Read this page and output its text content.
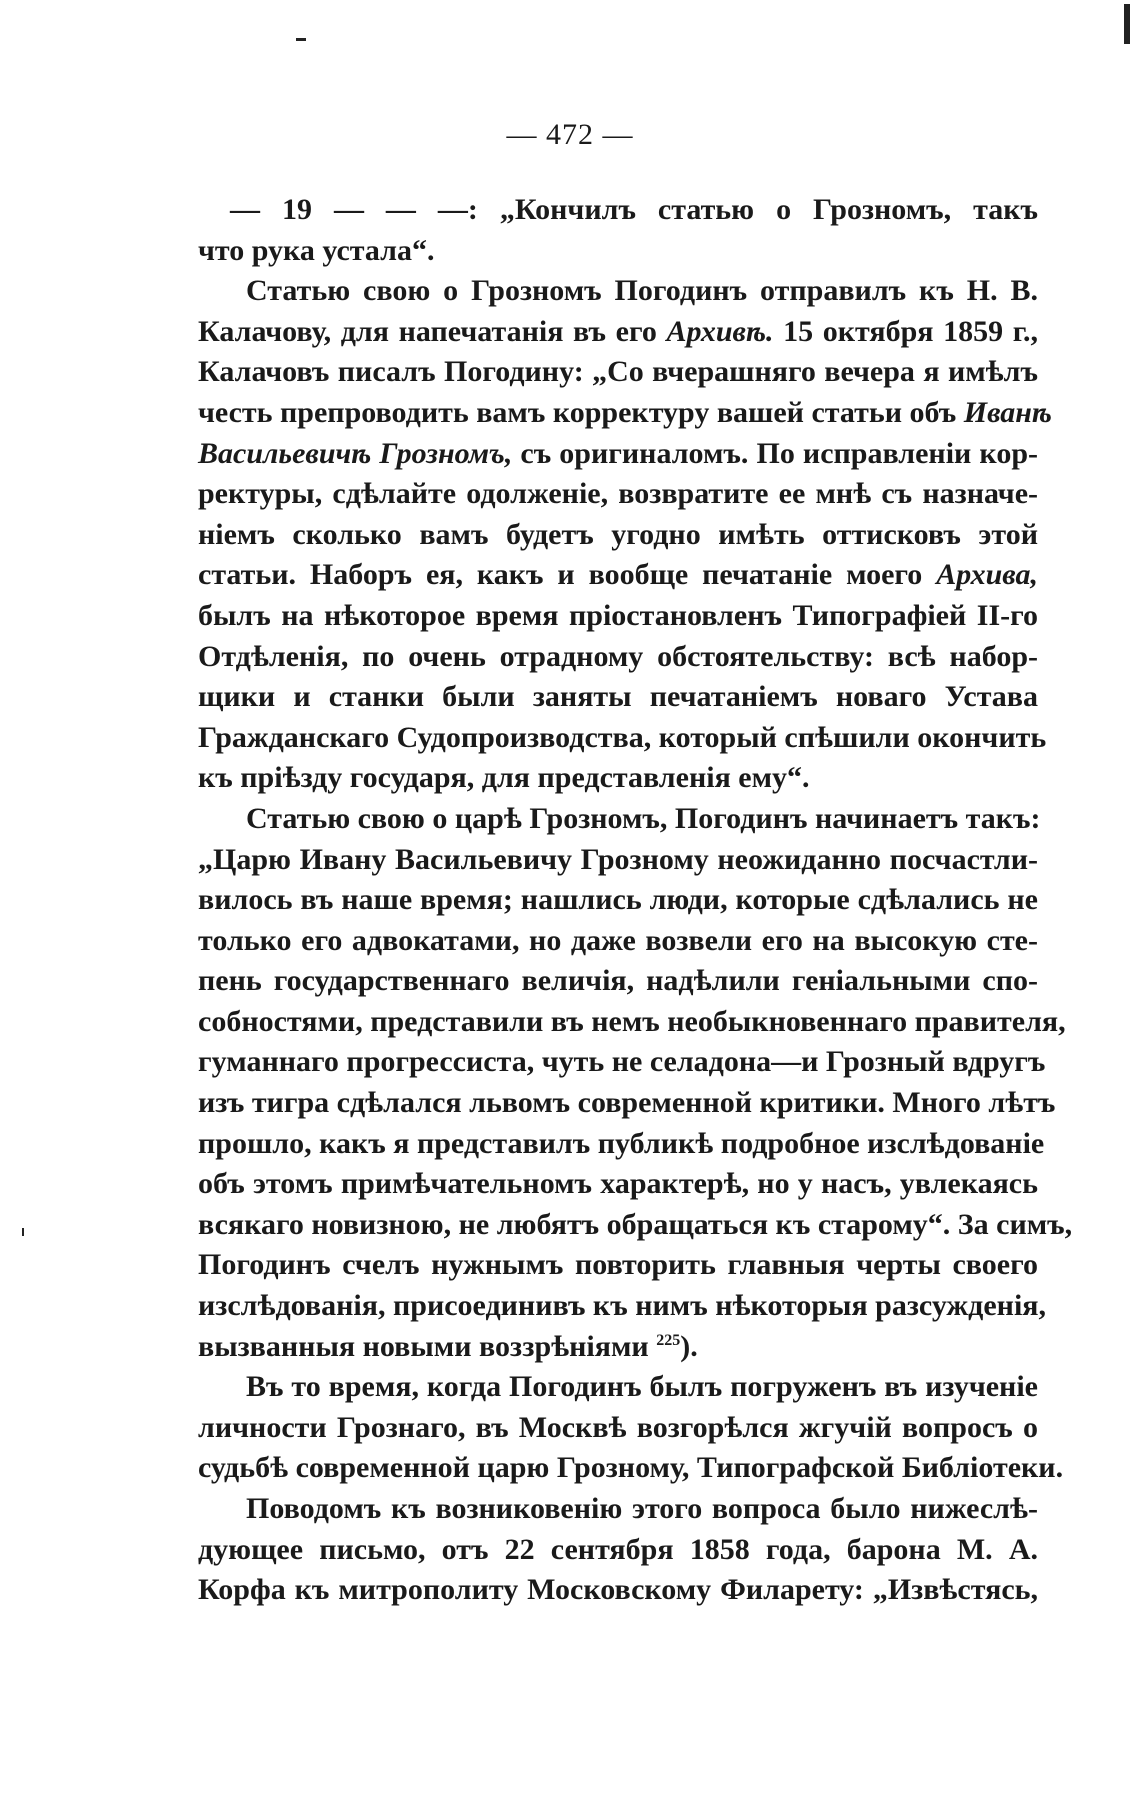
— 472 —
— 19 — — —: „Кончилъ статью о Грозномъ, такъ
что рука устала“.
Статью свою о Грозномъ Погодинъ отправилъ къ Н. В.
Калачову, для напечатанія въ его Архивѣ. 15 октября 1859 г.,
Калачовъ писалъ Погодину: „Со вчерашняго вечера я имѣлъ
честь препроводить вамъ корректуру вашей статьи объ Иванѣ
Васильевичѣ Грозномъ, съ оригиналомъ. По исправленіи кор-
ректуры, сдѣлайте одолженіе, возвратите ее мнѣ съ назначе-
ніемъ сколько вамъ будетъ угодно имѣть оттисковъ этой
статьи. Наборъ ея, какъ и вообще печатаніе моего Архива,
былъ на нѣкоторое время пріостановленъ Типографіей II-го
Отдѣленія, по очень отрадному обстоятельству: всѣ набор-
щики и станки были заняты печатаніемъ новаго Устава
Гражданскаго Судопроизводства, который спѣшили окончить
къ пріѣзду государя, для представленія ему“.
Статью свою о царѣ Грозномъ, Погодинъ начинаетъ такъ:
„Царю Ивану Васильевичу Грозному неожиданно посчастли-
вилось въ наше время; нашлись люди, которые сдѣлались не
только его адвокатами, но даже возвели его на высокую сте-
пень государственнаго величія, надѣлили геніальными спо-
собностями, представили въ немъ необыкновеннаго правителя,
гуманнаго прогрессиста, чуть не селадона—и Грозный вдругъ
изъ тигра сдѣлался львомъ современной критики. Много лѣтъ
прошло, какъ я представилъ публикѣ подробное изслѣдованіе
объ этомъ примѣчательномъ характерѣ, но у насъ, увлекаясь
всякаго новизною, не любятъ обращаться къ старому“. За симъ,
Погодинъ счелъ нужнымъ повторить главныя черты своего
изслѣдованія, присоединивъ къ нимъ нѣкоторыя разсужденія,
вызванныя новыми воззрѣніями $^{225}$).
Въ то время, когда Погодинъ былъ погруженъ въ изученіе
личности Грознаго, въ Москвѣ возгорѣлся жгучій вопросъ о
судьбѣ современной царю Грозному, Типографской Библіотеки.
Поводомъ къ возниковенію этого вопроса было нижеслѣ-
дующее письмо, отъ 22 сентября 1858 года, барона М. А.
Корфа къ митрополиту Московскому Филарету: „Извѣстясь,
